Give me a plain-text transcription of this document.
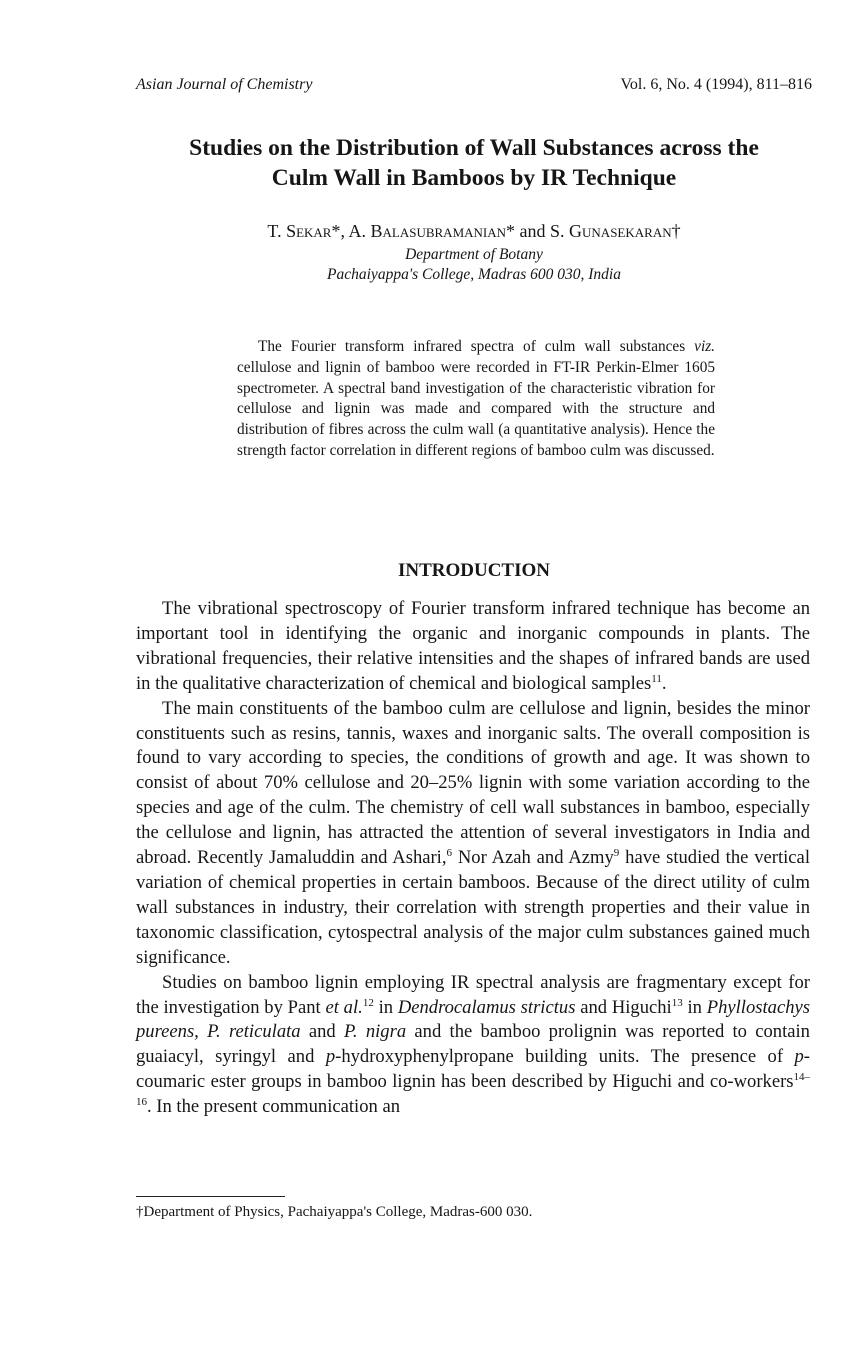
Asian Journal of Chemistry	Vol. 6, No. 4 (1994), 811–816
Studies on the Distribution of Wall Substances across the
Culm Wall in Bamboos by IR Technique
T. Sekar*, A. Balasubramanian* and S. Gunasekaran†
Department of Botany
Pachaiyappa's College, Madras 600 030, India
The Fourier transform infrared spectra of culm wall substances viz. cellulose and lignin of bamboo were recorded in FT-IR Perkin-Elmer 1605 spectrometer. A spectral band investigation of the characteristic vibration for cellulose and lignin was made and compared with the structure and distribution of fibres across the culm wall (a quantitative analysis). Hence the strength factor correlation in different regions of bamboo culm was discussed.
INTRODUCTION

The vibrational spectroscopy of Fourier transform infrared technique has become an important tool in identifying the organic and inorganic compounds in plants. The vibrational frequencies, their relative intensities and the shapes of infrared bands are used in the qualitative characterization of chemical and biological samples$^{11}$.

The main constituents of the bamboo culm are cellulose and lignin, besides the minor constituents such as resins, tannis, waxes and inorganic salts. The overall composition is found to vary according to species, the conditions of growth and age. It was shown to consist of about 70% cellulose and 20–25% lignin with some variation according to the species and age of the culm. The chemistry of cell wall substances in bamboo, especially the cellulose and lignin, has attracted the attention of several investigators in India and abroad. Recently Jamaluddin and Ashari,$^6$ Nor Azah and Azmy$^9$ have studied the vertical variation of chemical properties in certain bamboos. Because of the direct utility of culm wall substances in industry, their correlation with strength properties and their value in taxonomic classification, cytospectral analysis of the major culm substances gained much significance.

Studies on bamboo lignin employing IR spectral analysis are fragmentary except for the investigation by Pant et al.$^{12}$ in Dendrocalamus strictus and Higuchi$^{13}$ in Phyllostachys pureens, P. reticulata and P. nigra and the bamboo prolignin was reported to contain guaiacyl, syringyl and p-hydroxyphenylpropane building units. The presence of p-coumaric ester groups in bamboo lignin has been described by Higuchi and co-workers$^{14-16}$. In the present communication an

†Department of Physics, Pachaiyappa's College, Madras-600 030.
